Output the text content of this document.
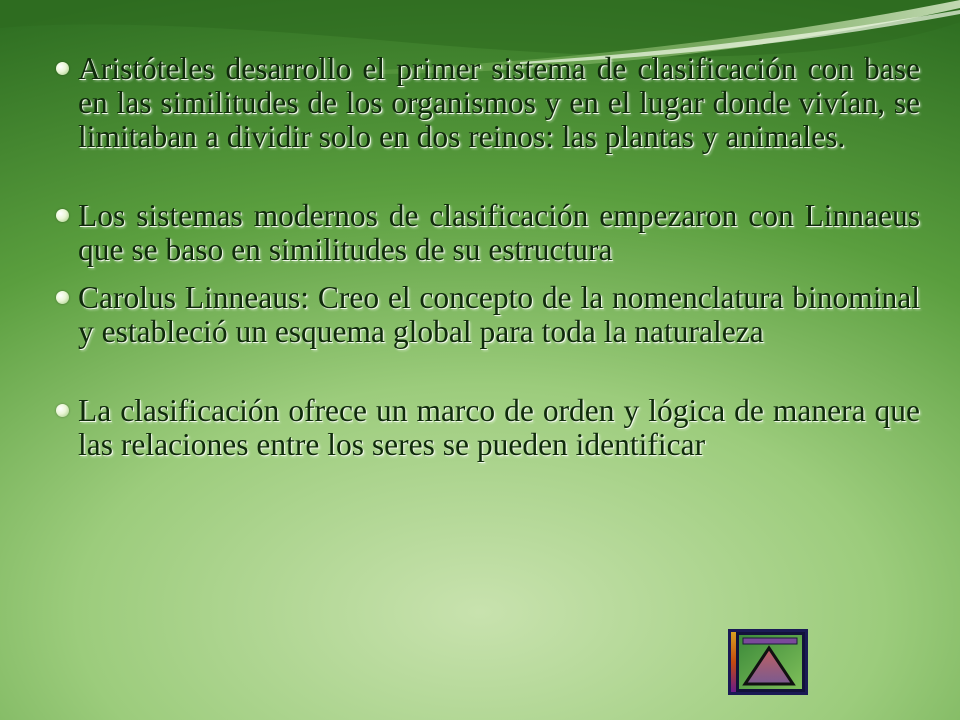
Aristóteles desarrollo el primer sistema de clasificación con base en las similitudes de los organismos y en el lugar donde vivían, se limitaban a dividir solo en dos reinos: las plantas y animales.
Los sistemas modernos de clasificación empezaron con Linnaeus que se baso en similitudes de su estructura
Carolus Linneaus: Creo el concepto de la nomenclatura binominal y estableció un esquema global para toda la naturaleza
La clasificación ofrece un marco de orden y lógica de manera que las relaciones entre los seres se pueden identificar
